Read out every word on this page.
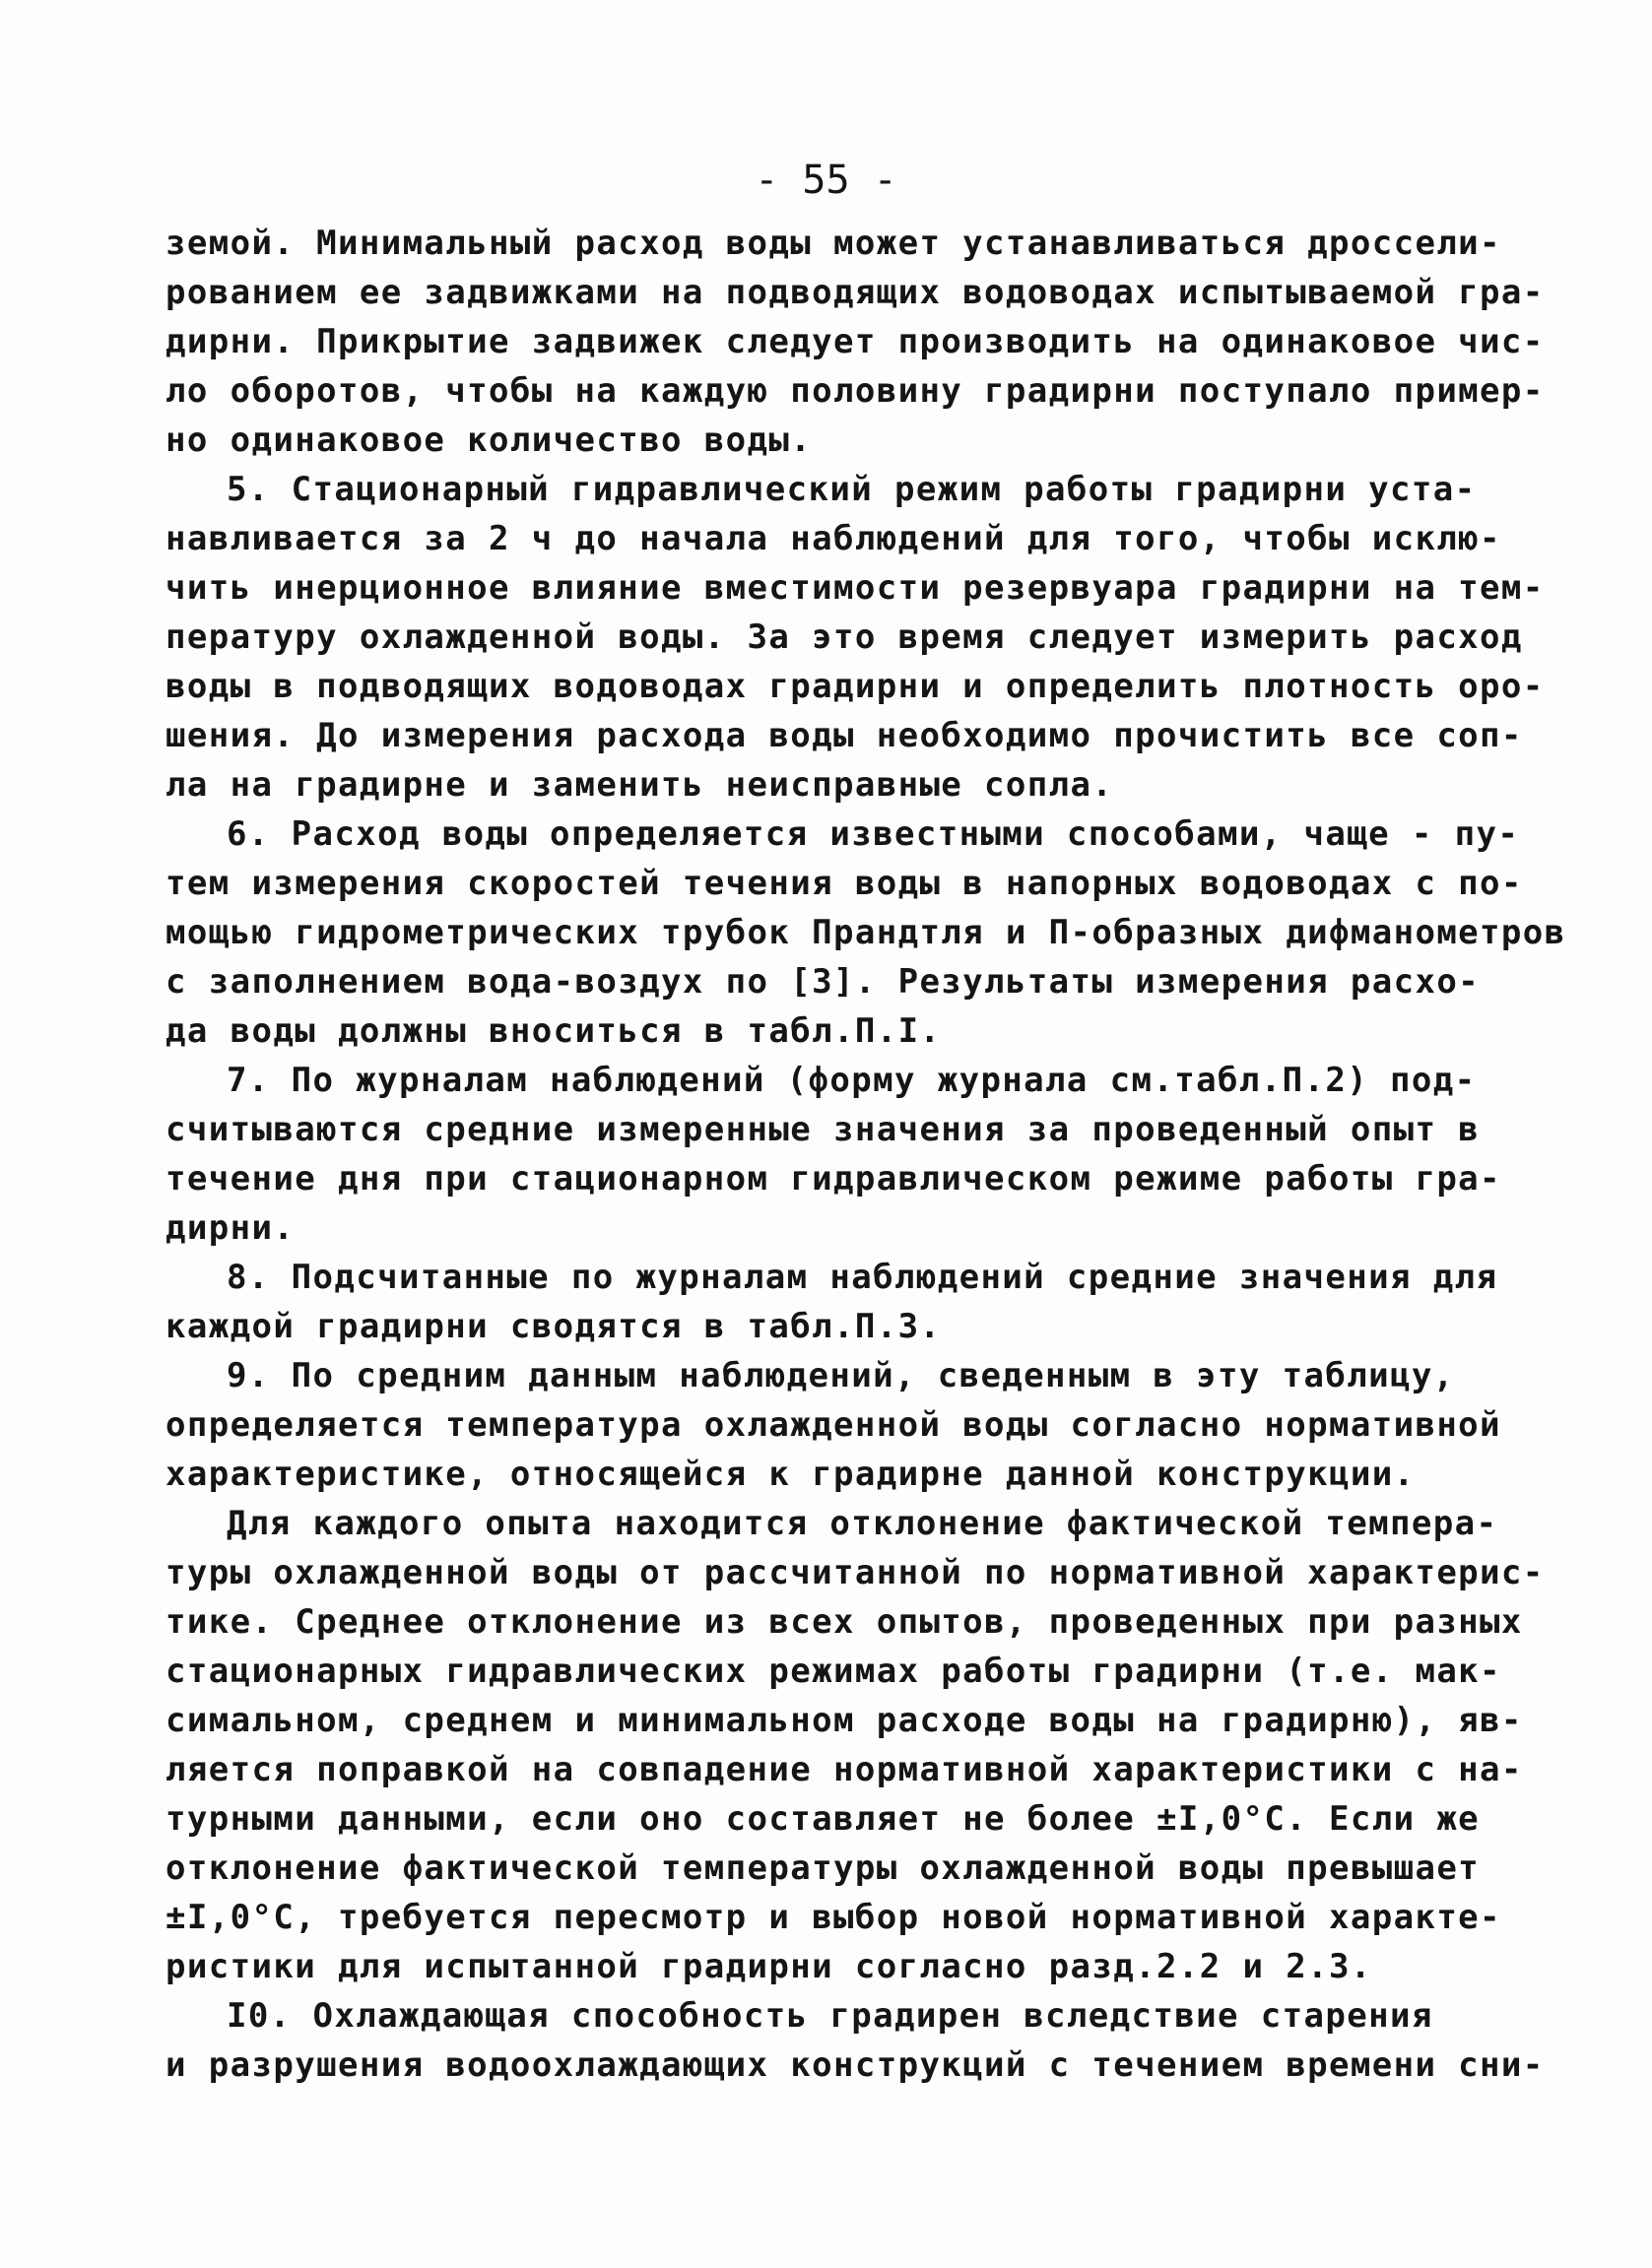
- 55 -
земой. Минимальный расход воды может устанавливаться дроссели-
рованием ее задвижками на подводящих водоводах испытываемой гра-
дирни. Прикрытие задвижек следует производить на одинаковое чис-
ло оборотов, чтобы на каждую половину градирни поступало пример-
но одинаковое количество воды.
5. Стационарный гидравлический режим работы градирни уста-
навливается за 2 ч до начала наблюдений для того, чтобы исклю-
чить инерционное влияние вместимости резервуара градирни на тем-
пературу охлажденной воды. За это время следует измерить расход
воды в подводящих водоводах градирни и определить плотность оро-
шения. До измерения расхода воды необходимо прочистить все соп-
ла на градирне и заменить неисправные сопла.
6. Расход воды определяется известными способами, чаще - пу-
тем измерения скоростей течения воды в напорных водоводах с по-
мощью гидрометрических трубок Прандтля и П-образных дифманометров
с заполнением вода-воздух по [3]. Результаты измерения расхо-
да воды должны вноситься в табл.П.I.
7. По журналам наблюдений (форму журнала см.табл.П.2) под-
считываются средние измеренные значения за проведенный опыт в
течение дня при стационарном гидравлическом режиме работы гра-
дирни.
8. Подсчитанные по журналам наблюдений средние значения для
каждой градирни сводятся в табл.П.3.
9. По средним данным наблюдений, сведенным в эту таблицу,
определяется температура охлажденной воды согласно нормативной
характеристике, относящейся к градирне данной конструкции.
Для каждого опыта находится отклонение фактической темпера-
туры охлажденной воды от рассчитанной по нормативной характерис-
тике. Среднее отклонение из всех опытов, проведенных при разных
стационарных гидравлических режимах работы градирни (т.е. мак-
симальном, среднем и минимальном расходе воды на градирню), яв-
ляется поправкой на совпадение нормативной характеристики с на-
турными данными, если оно составляет не более ±I,0°С. Если же
отклонение фактической температуры охлажденной воды превышает
±I,0°С, требуется пересмотр и выбор новой нормативной характе-
ристики для испытанной градирни согласно разд.2.2 и 2.3.
I0. Охлаждающая способность градирен вследствие старения
и разрушения водоохлаждающих конструкций с течением времени сни-
